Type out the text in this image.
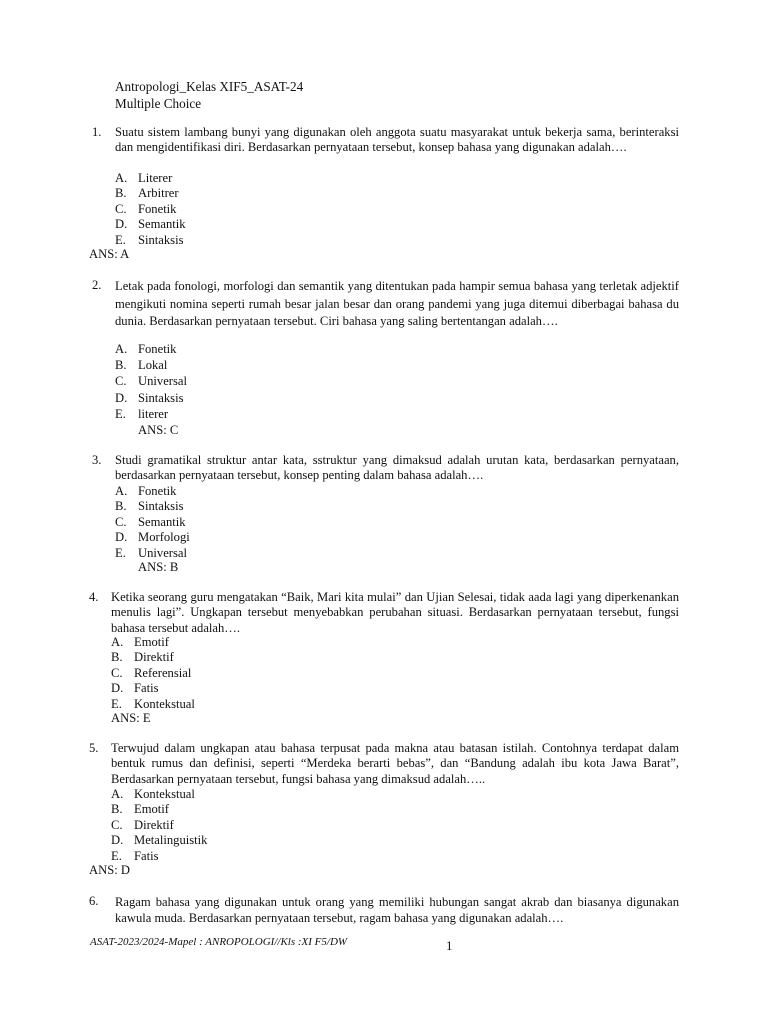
Antropologi_Kelas XIF5_ASAT-24
Multiple Choice
1.	Suatu sistem lambang bunyi yang digunakan oleh anggota suatu masyarakat untuk bekerja sama, berinteraksi dan mengidentifikasi diri. Berdasarkan pernyataan tersebut, konsep bahasa yang digunakan adalah….
A. Literer
B. Arbitrer
C. Fonetik
D. Semantik
E. Sintaksis
ANS: A
2.	Letak pada fonologi, morfologi dan semantik yang ditentukan pada hampir semua bahasa yang terletak adjektif mengikuti nomina seperti rumah besar jalan besar dan orang pandemi yang juga ditemui diberbagai bahasa du dunia. Berdasarkan pernyataan tersebut. Ciri bahasa yang saling bertentangan adalah….
A. Fonetik
B. Lokal
C. Universal
D. Sintaksis
E. literer
ANS: C
3.	Studi gramatikal struktur antar kata, sstruktur yang dimaksud adalah urutan kata, berdasarkan pernyataan, berdasarkan pernyataan tersebut, konsep penting dalam bahasa adalah….
A. Fonetik
B. Sintaksis
C. Semantik
D. Morfologi
E. Universal
ANS: B
4. Ketika seorang guru mengatakan “Baik, Mari kita mulai” dan Ujian Selesai, tidak aada lagi yang diperkenankan menulis lagi”. Ungkapan tersebut menyebabkan perubahan situasi. Berdasarkan pernyataan tersebut, fungsi bahasa tersebut adalah….
A. Emotif
B. Direktif
C. Referensial
D. Fatis
E. Kontekstual
ANS: E
5. Terwujud dalam ungkapan atau bahasa terpusat pada makna atau batasan istilah. Contohnya terdapat dalam bentuk rumus dan definisi, seperti “Merdeka berarti bebas”, dan “Bandung adalah ibu kota Jawa Barat”, Berdasarkan pernyataan tersebut, fungsi bahasa yang dimaksud adalah…..
A. Kontekstual
B. Emotif
C. Direktif
D. Metalinguistik
E. Fatis
ANS: D
6.	Ragam bahasa yang digunakan untuk orang yang memiliki hubungan sangat akrab dan biasanya digunakan kawula muda. Berdasarkan pernyataan tersebut, ragam bahasa yang digunakan adalah….
ASAT-2023/2024-Mapel : ANROPOLOGI//Kls :XI F5/DW	1
